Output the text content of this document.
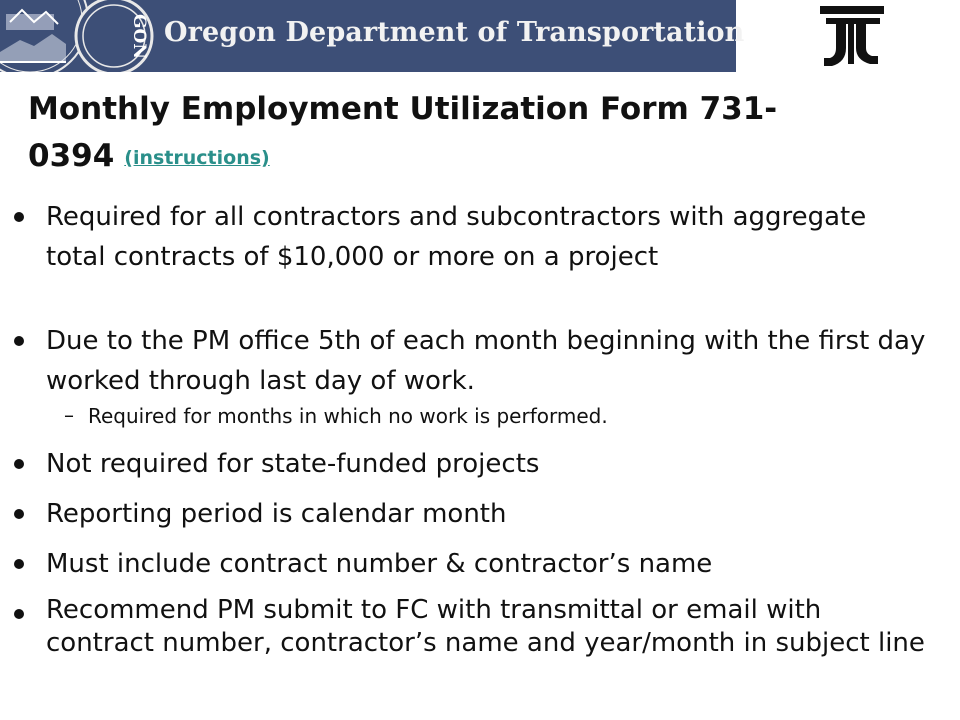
GON Oregon Department of Transportation
Monthly Employment Utilization Form 731-0394 (instructions)
Required for all contractors and subcontractors with aggregate total contracts of $10,000 or more on a project
Due to the PM office 5th of each month beginning with the first day worked through last day of work.
– Required for months in which no work is performed.
Not required for state-funded projects
Reporting period is calendar month
Must include contract number & contractor’s name
Recommend PM submit to FC with transmittal or email with contract number, contractor’s name and year/month in subject line
